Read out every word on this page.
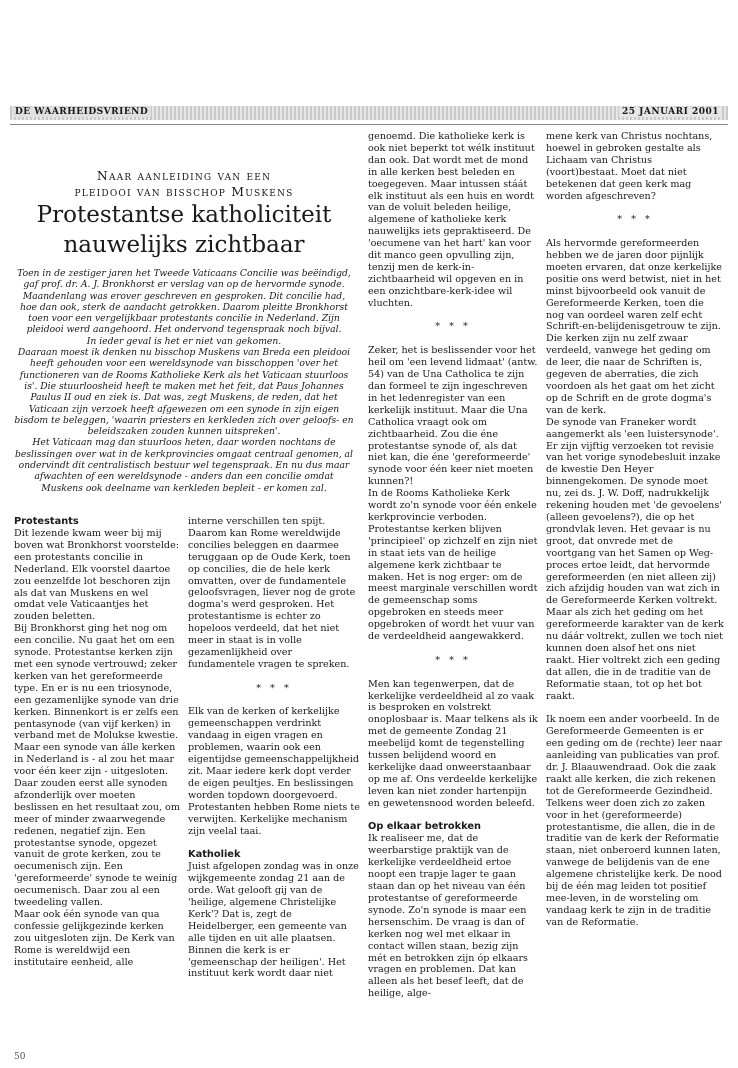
DE WAARHEIDSVRIEND	25 JANUARI 2001
Naar aanleiding van een
pleidooi van bisschop Muskens
Protestantse katholiciteit
nauwelijks zichtbaar

Toen in de zestiger jaren het Tweede Vaticaans Concilie was beëindigd, gaf prof. dr. A. J. Bronkhorst er verslag van op de hervormde synode. Maandenlang was erover geschreven en gesproken. Dit concilie had, hoe dan ook, sterk de aandacht getrokken. Daarom pleitte Bronkhorst toen voor een vergelijkbaar protestants concilie in Nederland. Zijn pleidooi werd aangehoord. Het ondervond tegenspraak noch bijval.

In ieder geval is het er niet van gekomen.

Daaraan moest ik denken nu bisschop Muskens van Breda een pleidooi heeft gehouden voor een wereldsynode van bisschoppen 'over het functioneren van de Rooms Katholieke Kerk als het Vaticaan stuurloos is'. Die stuurloosheid heeft te maken met het feit, dat Paus Johannes Paulus II oud en ziek is. Dat was, zegt Muskens, de reden, dat het Vaticaan zijn verzoek heeft afgewezen om een synode in zijn eigen bisdom te beleggen, 'waarin priesters en kerkleden zich over geloofs- en beleidszaken zouden kunnen uitspreken'.

Het Vaticaan mag dan stuurloos heten, daar worden nochtans de beslissingen over wat in de kerkprovincies omgaat centraal genomen, al ondervindt dit centralistisch bestuur wel tegenspraak. En nu dus maar afwachten of een wereldsynode - anders dan een concilie omdat Muskens ook deelname van kerkleden bepleit - er komen zal.

Protestants

Dit lezende kwam weer bij mij boven wat Bronkhorst voorstelde: een protestants concilie in Nederland. Elk voorstel daartoe zou eenzelfde lot beschoren zijn als dat van Muskens en wel omdat vele Vaticaantjes het zouden beletten.

Bij Bronkhorst ging het nog om een concilie. Nu gaat het om een synode. Protestantse kerken zijn met een synode vertrouwd; zeker kerken van het gereformeerde type. En er is nu een triosynode, een gezamenlijke synode van drie kerken. Binnenkort is er zelfs een pentasynode (van vijf kerken) in verband met de Molukse kwestie.

Maar een synode van álle kerken in Nederland is - al zou het maar voor één keer zijn - uitgesloten. Daar zouden eerst alle synoden afzonderlijk over moeten beslissen en het resultaat zou, om meer of minder zwaarwegende redenen, negatief zijn. Een protestantse synode, opgezet vanuit de grote kerken, zou te oecumenisch zijn. Een 'gereformeerde' synode te weinig oecumenisch. Daar zou al een tweedeling vallen.

Maar ook één synode van qua confessie gelijkgezinde kerken zou uitgesloten zijn. De Kerk van Rome is wereldwijd een institutaire eenheid, alle

interne verschillen ten spijt. Daarom kan Rome wereldwijde concilies beleggen en daarmee teruggaan op de Oude Kerk, toen op concilies, die de hele kerk omvatten, over de fundamentele geloofsvragen, liever nog de grote dogma's werd gesproken. Het protestantisme is echter zo hopeloos verdeeld, dat het niet meer in staat is in volle gezamenlijkheid over fundamentele vragen te spreken.

* * *

Elk van de kerken of kerkelijke gemeenschappen verdrinkt vandaag in eigen vragen en problemen, waarin ook een eigentijdse gemeenschappelijkheid zit. Maar iedere kerk dopt verder de eigen peultjes. En beslissingen worden topdown doorgevoerd. Protestanten hebben Rome niets te verwijten. Kerkelijke mechanism zijn veelal taai.

Katholiek

Juist afgelopen zondag was in onze wijkgemeente zondag 21 aan de orde. Wat gelooft gij van de 'heilige, algemene Christelijke Kerk'? Dat is, zegt de Heidelberger, een gemeente van alle tijden en uit alle plaatsen. Binnen die kerk is er 'gemeenschap der heiligen'. Het instituut kerk wordt daar niet

genoemd. Die katholieke kerk is ook niet beperkt tot wélk instituut dan ook. Dat wordt met de mond in alle kerken best beleden en toegegeven. Maar intussen stáát elk instituut als een huis en wordt van de voluit beleden heilige, algemene of katholieke kerk nauwelijks iets gepraktiseerd. De 'oecumene van het hart' kan voor dit manco geen opvulling zijn, tenzij men de kerk-in-zichtbaarheid wil opgeven en in een onzichtbare-kerk-idee wil vluchten.

* * *

Zeker, het is beslissender voor het heil om 'een levend lidmaat' (antw. 54) van de Una Catholica te zijn dan formeel te zijn ingeschreven in het ledenregister van een kerkelijk instituut. Maar die Una Catholica vraagt ook om zichtbaarheid. Zou die éne protestantse synode of, als dat niet kan, die éne 'gereformeerde' synode voor één keer niet moeten kunnen?!

In de Rooms Katholieke Kerk wordt zo'n synode voor één enkele kerkprovincie verboden. Protestantse kerken blijven 'principieel' op zichzelf en zijn niet in staat iets van de heilige algemene kerk zichtbaar te maken. Het is nog erger: om de meest marginale verschillen wordt de gemeenschap soms opgebroken en steeds meer opgebroken of wordt het vuur van de verdeeldheid aangewakkerd.

* * *

Men kan tegenwerpen, dat de kerkelijke verdeeldheid al zo vaak is besproken en volstrekt onoplosbaar is. Maar telkens als ik met de gemeente Zondag 21 meebelijd komt de tegenstelling tussen belijdend woord en kerkelijke daad onweerstaanbaar op me af. Ons verdeelde kerkelijke leven kan niet zonder hartenpijn en gewetensnood worden beleefd.

Op elkaar betrokken

Ik realiseer me, dat de weerbarstige praktijk van de kerkelijke verdeeldheid ertoe noopt een trapje lager te gaan staan dan op het niveau van één protestantse of gereformeerde synode. Zo'n synode is maar een hersenschim. De vraag is dan of kerken nog wel met elkaar in contact willen staan, bezig zijn mét en betrokken zijn óp elkaars vragen en problemen. Dat kan alleen als het besef leeft, dat de heilige, alge-

mene kerk van Christus nochtans, hoewel in gebroken gestalte als Lichaam van Christus (voort)bestaat. Moet dat niet betekenen dat geen kerk mag worden afgeschreven?

* * *

Als hervormde gereformeerden hebben we de jaren door pijnlijk moeten ervaren, dat onze kerkelijke positie ons werd betwist, niet in het minst bijvoorbeeld ook vanuit de Gereformeerde Kerken, toen die nog van oordeel waren zelf echt Schrift-en-belijdenisgetrouw te zijn. Die kerken zijn nu zelf zwaar verdeeld, vanwege het geding om de leer, die naar de Schriften is, gegeven de aberraties, die zich voordoen als het gaat om het zicht op de Schrift en de grote dogma's van de kerk.

De synode van Franeker wordt aangemerkt als 'een luistersynode'. Er zijn vijftig verzoeken tot revisie van het vorige synodebesluit inzake de kwestie Den Heyer binnengekomen. De synode moet nu, zei ds. J. W. Doff, nadrukkelijk rekening houden met 'de gevoelens' (alleen gevoelens?), die op het grondvlak leven. Het gevaar is nu groot, dat onvrede met de voortgang van het Samen op Weg-proces ertoe leidt, dat hervormde gereformeerden (en niet alleen zij) zich afzijdig houden van wat zich in de Gereformeerde Kerken voltrekt. Maar als zich het geding om het gereformeerde karakter van de kerk nu dáár voltrekt, zullen we toch niet kunnen doen alsof het ons niet raakt. Hier voltrekt zich een geding dat allen, die in de traditie van de Reformatie staan, tot op het bot raakt.

Ik noem een ander voorbeeld. In de Gereformeerde Gemeenten is er een geding om de (rechte) leer naar aanleiding van publicaties van prof. dr. J. Blaauwendraad. Ook die zaak raakt alle kerken, die zich rekenen tot de Gereformeerde Gezindheid. Telkens weer doen zich zo zaken voor in het (gereformeerde) protestantisme, die allen, die in de traditie van de kerk der Reformatie staan, niet onberoerd kunnen laten, vanwege de belijdenis van de ene algemene christelijke kerk. De nood bij de één mag leiden tot positief mee-leven, in de worsteling om vandaag kerk te zijn in de traditie van de Reformatie.

50
